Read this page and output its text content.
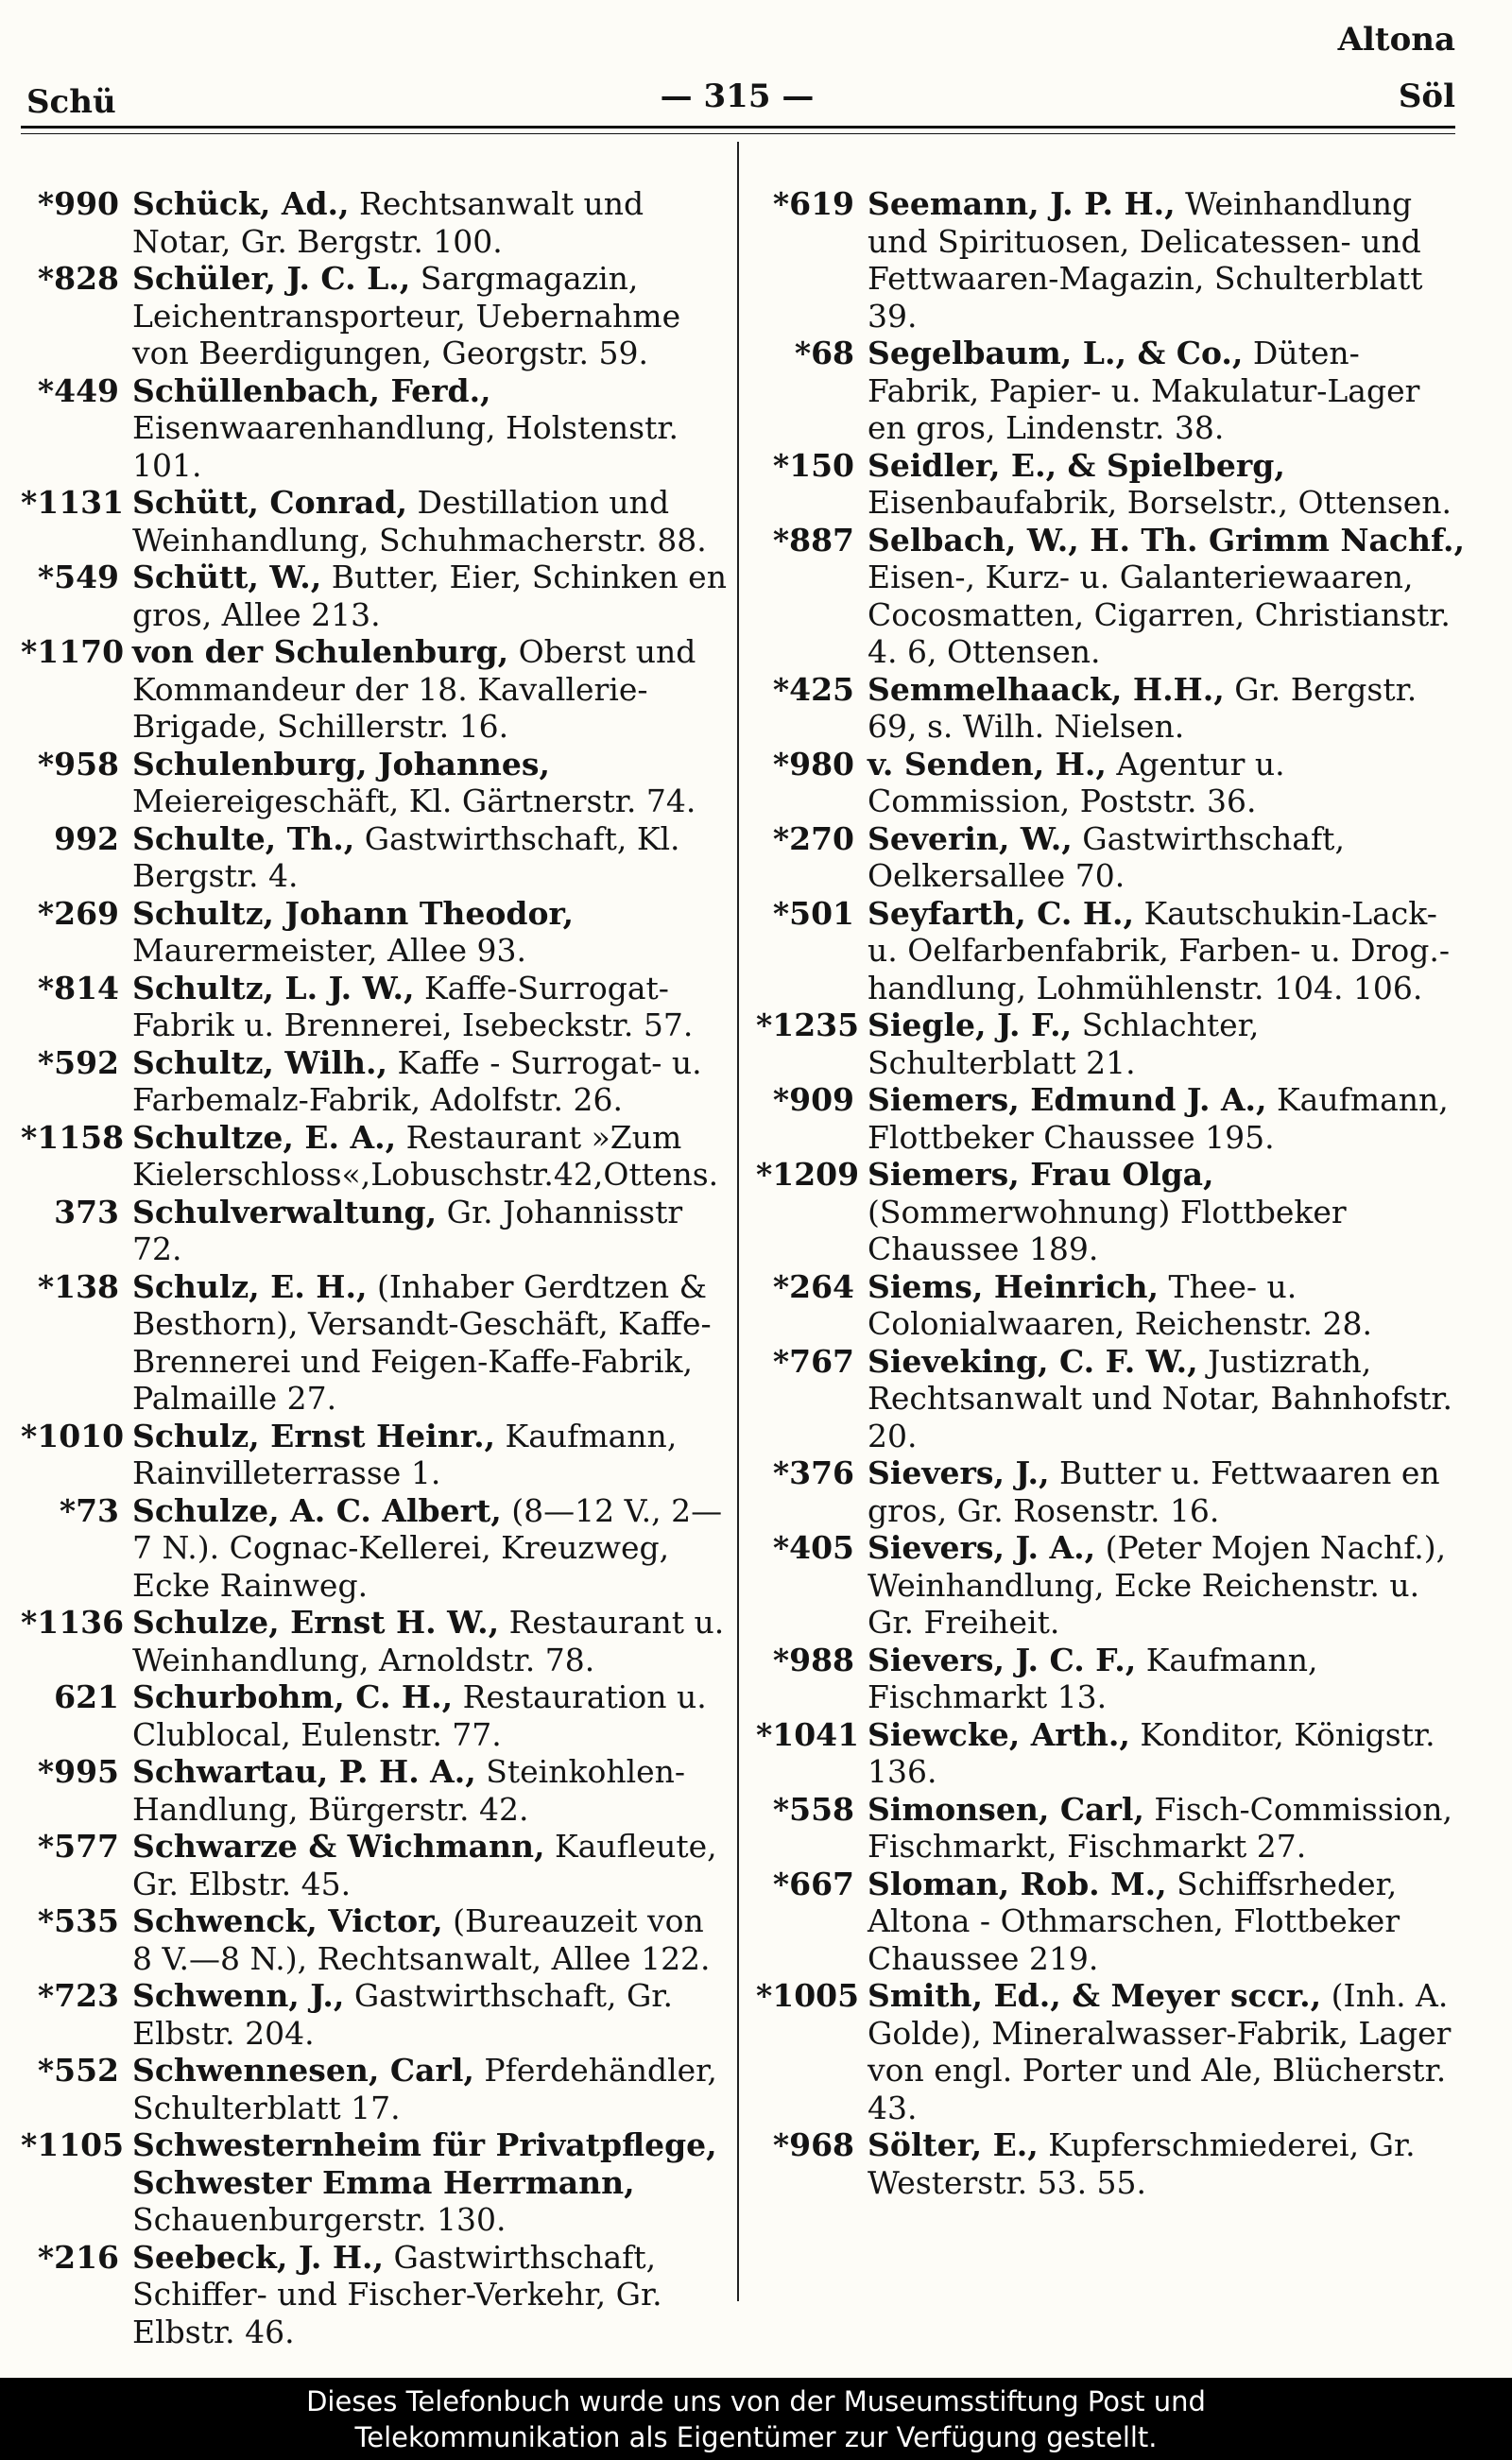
Schü	— 315 —
Altona
Söl
*990 Schück, Ad., Rechtsanwalt und Notar, Gr. Bergstr. 100.
*828 Schüler, J. C. L., Sargmagazin, Leichentransporteur, Uebernahme von Beerdigungen, Georgstr. 59.
*449 Schüllenbach, Ferd., Eisenwaarenhandlung, Holstenstr. 101.
*1131 Schütt, Conrad, Destillation und Weinhandlung, Schuhmacherstr. 88.
*549 Schütt, W., Butter, Eier, Schinken en gros, Allee 213.
*1170 von der Schulenburg, Oberst und Kommandeur der 18. Kavallerie-Brigade, Schillerstr. 16.
*958 Schulenburg, Johannes, Meiereigeschäft, Kl. Gärtnerstr. 74.
992 Schulte, Th., Gastwirthschaft, Kl. Bergstr. 4.
*269 Schultz, Johann Theodor, Maurermeister, Allee 93.
*814 Schultz, L. J. W., Kaffe-Surrogat-Fabrik u. Brennerei, Isebeckstr. 57.
*592 Schultz, Wilh., Kaffe - Surrogat- u. Farbemalz-Fabrik, Adolfstr. 26.
*1158 Schultze, E. A., Restaurant »Zum Kielerschloss«,Lobuschstr.42,Ottens.
373 Schulverwaltung, Gr. Johannisstr 72.
*138 Schulz, E. H., (Inhaber Gerdtzen & Besthorn), Versandt-Geschäft, Kaffe-Brennerei und Feigen-Kaffe-Fabrik, Palmaille 27.
*1010 Schulz, Ernst Heinr., Kaufmann, Rainvilleterrasse 1.
*73 Schulze, A. C. Albert, (8—12 V., 2—7 N.). Cognac-Kellerei, Kreuzweg, Ecke Rainweg.
*1136 Schulze, Ernst H. W., Restaurant u. Weinhandlung, Arnoldstr. 78.
621 Schurbohm, C. H., Restauration u. Clublocal, Eulenstr. 77.
*995 Schwartau, P. H. A., Steinkohlen-Handlung, Bürgerstr. 42.
*577 Schwarze & Wichmann, Kaufleute, Gr. Elbstr. 45.
*535 Schwenck, Victor, (Bureauzeit von 8 V.—8 N.), Rechtsanwalt, Allee 122.
*723 Schwenn, J., Gastwirthschaft, Gr. Elbstr. 204.
*552 Schwennesen, Carl, Pferdehändler, Schulterblatt 17.
*1105 Schwesternheim für Privatpflege, Schwester Emma Herrmann, Schauenburgerstr. 130.
*216 Seebeck, J. H., Gastwirthschaft, Schiffer- und Fischer-Verkehr, Gr. Elbstr. 46.
*619 Seemann, J. P. H., Weinhandlung und Spirituosen, Delicatessen- und Fettwaaren-Magazin, Schulterblatt 39.
*68 Segelbaum, L., & Co., Düten-Fabrik, Papier- u. Makulatur-Lager en gros, Lindenstr. 38.
*150 Seidler, E., & Spielberg, Eisenbaufabrik, Borselstr., Ottensen.
*887 Selbach, W., H. Th. Grimm Nachf., Eisen-, Kurz- u. Galanteriewaaren, Cocosmatten, Cigarren, Christianstr. 4. 6, Ottensen.
*425 Semmelhaack, H.H., Gr. Bergstr. 69, s. Wilh. Nielsen.
*980 v. Senden, H., Agentur u. Commission, Poststr. 36.
*270 Severin, W., Gastwirthschaft, Oelkersallee 70.
*501 Seyfarth, C. H., Kautschukin-Lack- u. Oelfarbenfabrik, Farben- u. Drog.-handlung, Lohmühlenstr. 104. 106.
*1235 Siegle, J. F., Schlachter, Schulterblatt 21.
*909 Siemers, Edmund J. A., Kaufmann, Flottbeker Chaussee 195.
*1209 Siemers, Frau Olga, (Sommerwohnung) Flottbeker Chaussee 189.
*264 Siems, Heinrich, Thee- u. Colonialwaaren, Reichenstr. 28.
*767 Sieveking, C. F. W., Justizrath, Rechtsanwalt und Notar, Bahnhofstr. 20.
*376 Sievers, J., Butter u. Fettwaaren en gros, Gr. Rosenstr. 16.
*405 Sievers, J. A., (Peter Mojen Nachf.), Weinhandlung, Ecke Reichenstr. u. Gr. Freiheit.
*988 Sievers, J. C. F., Kaufmann, Fischmarkt 13.
*1041 Siewcke, Arth., Konditor, Königstr. 136.
*558 Simonsen, Carl, Fisch-Commission, Fischmarkt, Fischmarkt 27.
*667 Sloman, Rob. M., Schiffsrheder, Altona - Othmarschen, Flottbeker Chaussee 219.
*1005 Smith, Ed., & Meyer sccr., (Inh. A. Golde), Mineralwasser-Fabrik, Lager von engl. Porter und Ale, Blücherstr. 43.
*968 Sölter, E., Kupferschmiederei, Gr. Westerstr. 53. 55.
Dieses Telefonbuch wurde uns von der Museumsstiftung Post und
Telekommunikation als Eigentümer zur Verfügung gestellt.
